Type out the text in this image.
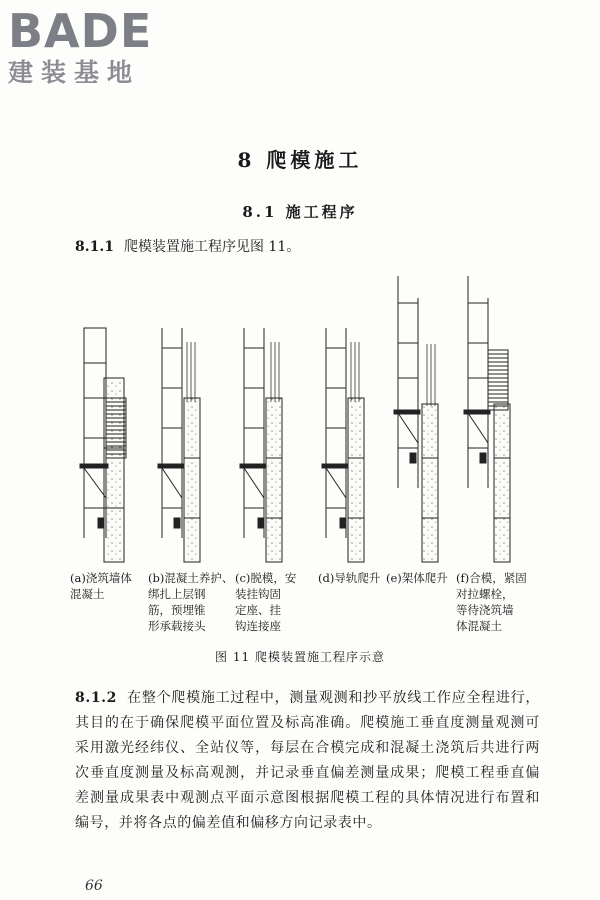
BADE
建装基地
8 爬模施工
8.1 施工程序
8.1.1 爬模装置施工程序见图 11。
(a)浇筑墙体
混凝土
(b)混凝土养护、
绑扎上层钢
筋，预埋锥
形承载接头
(c)脱模，安
装挂钩固
定座、挂
钩连接座
(d)导轨爬升 (e)架体爬升 (f)合模，紧固
对拉螺栓，
等待浇筑墙
体混凝土
图 11 爬模装置施工程序示意
8.1.2 在整个爬模施工过程中，测量观测和抄平放线工作应全程进行，其目的在于确保爬模平面位置及标高准确。爬模施工垂直度测量观测可采用激光经纬仪、全站仪等，每层在合模完成和混凝土浇筑后共进行两次垂直度测量及标高观测，并记录垂直偏差测量成果；爬模工程垂直偏差测量成果表中观测点平面示意图根据爬模工程的具体情况进行布置和编号，并将各点的偏差值和偏移方向记录表中。
66
